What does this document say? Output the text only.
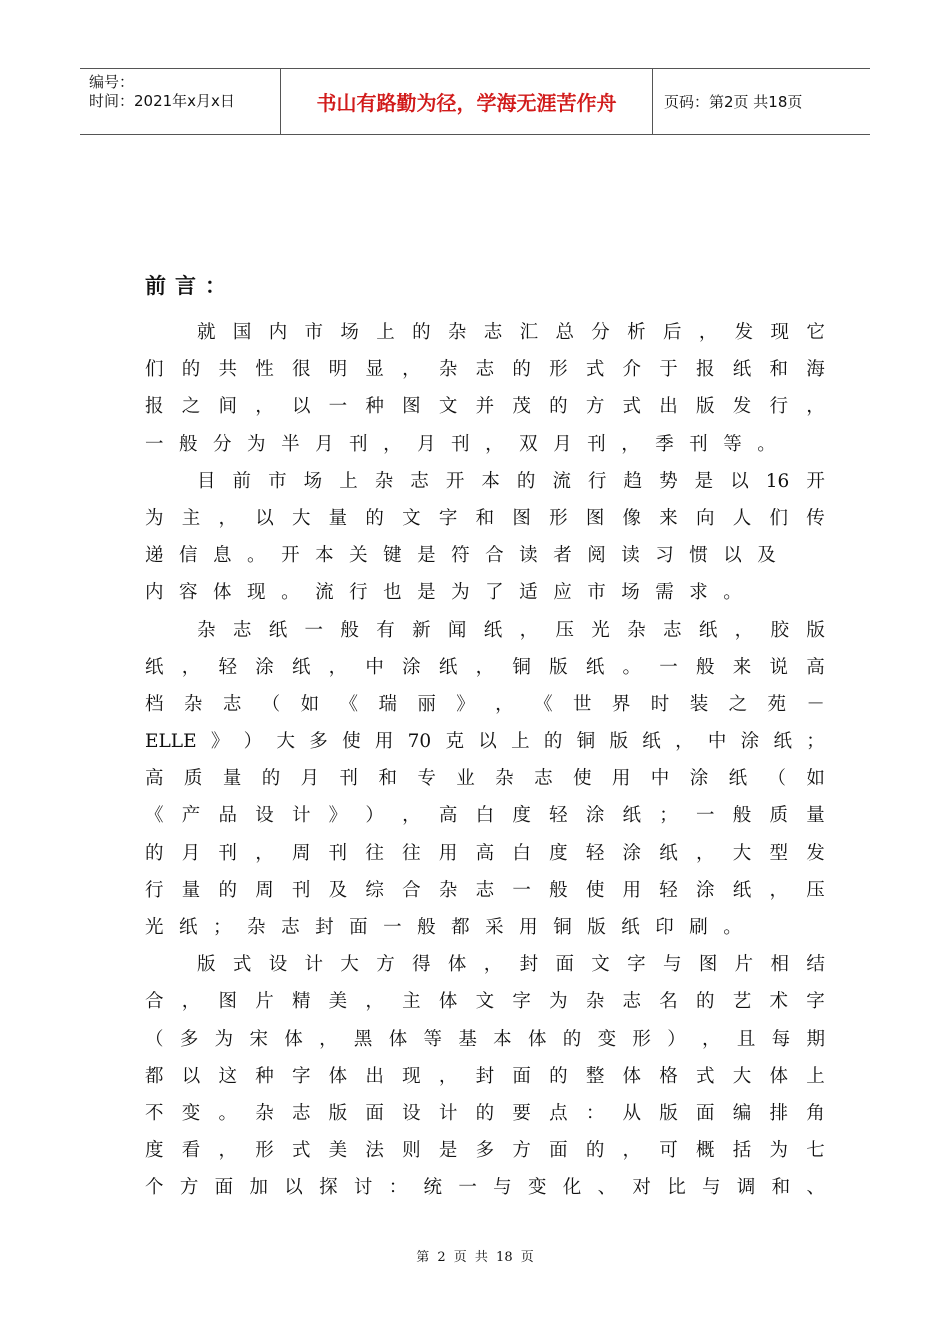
编号：
时间：2021年x月x日	书山有路勤为径，学海无涯苦作舟	页码：第2页 共18页
前言：
就 国 内 市 场 上 的 杂 志 汇 总 分 析 后 ， 发 现 它
们 的 共 性 很 明 显 ， 杂 志 的 形 式 介 于 报 纸 和 海
报 之 间 ， 以 一 种 图 文 并 茂 的 方 式 出 版 发 行 ，
一 般 分 为 半 月 刊 ， 月 刊 ， 双 月 刊 ， 季 刊 等 。
目 前 市 场 上 杂 志 开 本 的 流 行 趋 势 是 以 16 开
为 主 ， 以 大 量 的 文 字 和 图 形 图 像 来 向 人 们 传
递 信 息 。 开 本 关 键 是 符 合 读 者 阅 读 习 惯 以 及
内 容 体 现 。 流 行 也 是 为 了 适 应 市 场 需 求 。
杂 志 纸 一 般 有 新 闻 纸 ， 压 光 杂 志 纸 ， 胶 版
纸 ， 轻 涂 纸 ， 中 涂 纸 ， 铜 版 纸 。 一 般 来 说 高
档 杂 志 （ 如 《 瑞 丽 》 ， 《 世 界 时 装 之 苑 －
ELLE 》 ） 大 多 使 用 70 克 以 上 的 铜 版 纸 ， 中 涂 纸 ；
高 质 量 的 月 刊 和 专 业 杂 志 使 用 中 涂 纸 （ 如
《 产 品 设 计 》 ） ， 高 白 度 轻 涂 纸 ； 一 般 质 量
的 月 刊 ， 周 刊 往 往 用 高 白 度 轻 涂 纸 ， 大 型 发
行 量 的 周 刊 及 综 合 杂 志 一 般 使 用 轻 涂 纸 ， 压
光 纸 ； 杂 志 封 面 一 般 都 采 用 铜 版 纸 印 刷 。
版 式 设 计 大 方 得 体 ， 封 面 文 字 与 图 片 相 结
合 ， 图 片 精 美 ， 主 体 文 字 为 杂 志 名 的 艺 术 字
（ 多 为 宋 体 ， 黑 体 等 基 本 体 的 变 形 ） ， 且 每 期
都 以 这 种 字 体 出 现 ， 封 面 的 整 体 格 式 大 体 上
不 变 。 杂 志 版 面 设 计 的 要 点 ： 从 版 面 编 排 角
度 看 ， 形 式 美 法 则 是 多 方 面 的 ， 可 概 括 为 七
个 方 面 加 以 探 讨 ： 统 一 与 变 化 、 对 比 与 调 和 、
第 2 页 共 18 页
